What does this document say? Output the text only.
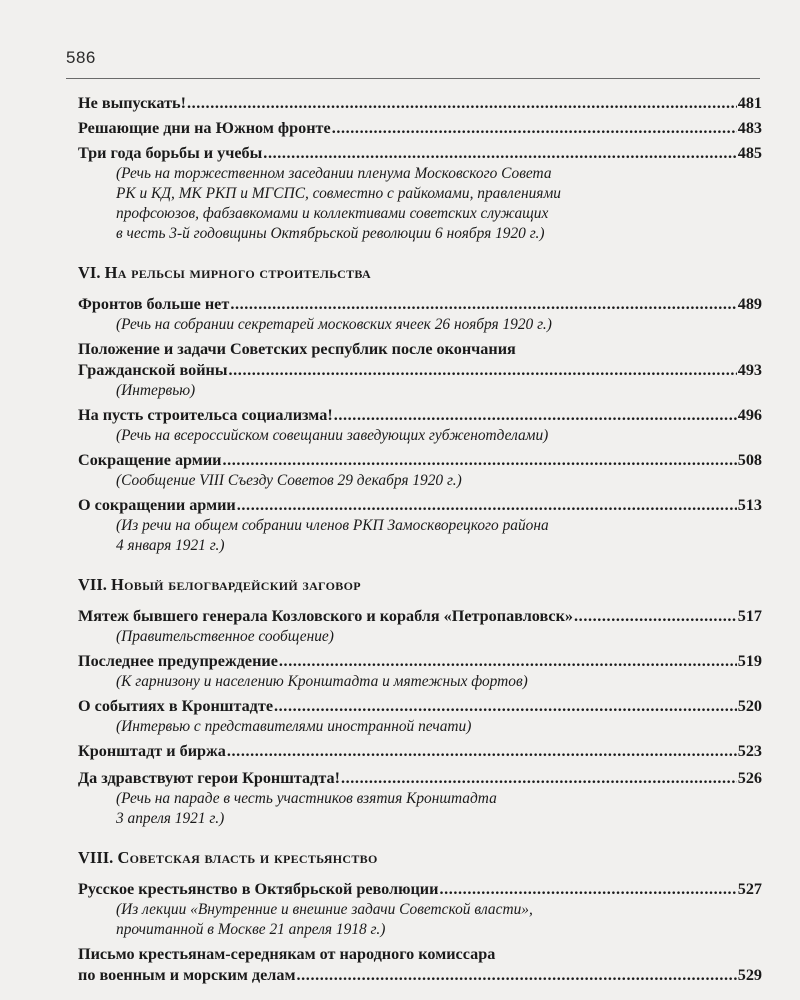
586
Не выпускать! .....	481
Решающие дни на Южном фронте .....	483
Три года борьбы и учебы .....	485
(Речь на торжественном заседании пленума Московского Совета
РК и КД, МК РКП и МГСПС, совместно с райкомами, правлениями
профсоюзов, фабзавкомами и коллективами советских служащих
в честь 3-й годовщины Октябрьской революции 6 ноября 1920 г.)
VI. На рельсы мирного строительства
Фронтов больше нет .....	489
(Речь на собрании секретарей московских ячеек 26 ноября 1920 г.)
Положение и задачи Советских республик после окончания
Гражданской войны .....	493
(Интервью)
На пусть строительса социализма! .....	496
(Речь на всероссийском совещании заведующих губженотделами)
Сокращение армии .....	508
(Сообщение VIII Съезду Советов 29 декабря 1920 г.)
О сокращении армии .....	513
(Из речи на общем собрании членов РКП Замоскворецкого района
4 января 1921 г.)
VII. Новый белогвардейский заговор
Мятеж бывшего генерала Козловского и корабля «Петропавловск» .....	517
(Правительственное сообщение)
Последнее предупреждение .....	519
(К гарнизону и населению Кронштадта и мятежных фортов)
О событиях в Кронштадте .....	520
(Интервью с представителями иностранной печати)
Кронштадт и биржа .....	523
Да здравствуют герои Кронштадта! .....	526
(Речь на параде в честь участников взятия Кронштадта
3 апреля 1921 г.)
VIII. Советская власть и крестьянство
Русское крестьянство в Октябрьской революции .....	527
(Из лекции «Внутренние и внешние задачи Советской власти»,
прочитанной в Москве 21 апреля 1918 г.)
Письмо крестьянам-середнякам от народного комиссара
по военным и морским делам .....	529
